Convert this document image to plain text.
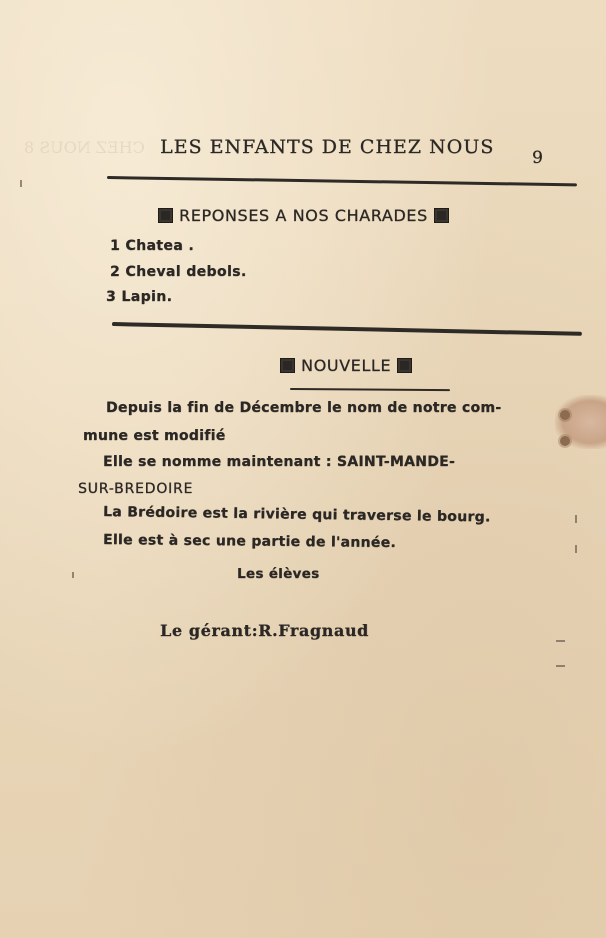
CHEZ NOUS 8 LES ENFANTS DE CHEZ NOUS 9
REPONSES A NOS CHARADES
1 Chatea .
2 Cheval debols.
3 Lapin.
NOUVELLE
Depuis la fin de Décembre le nom de notre com-
mune est modifié
Elle se nomme maintenant : SAINT-MANDE-
SUR-BREDOIRE
La Brédoire est la rivière qui traverse le bourg.
Elle est à sec une partie de l'année.
Les élèves
Le gérant:R.Fragnaud
